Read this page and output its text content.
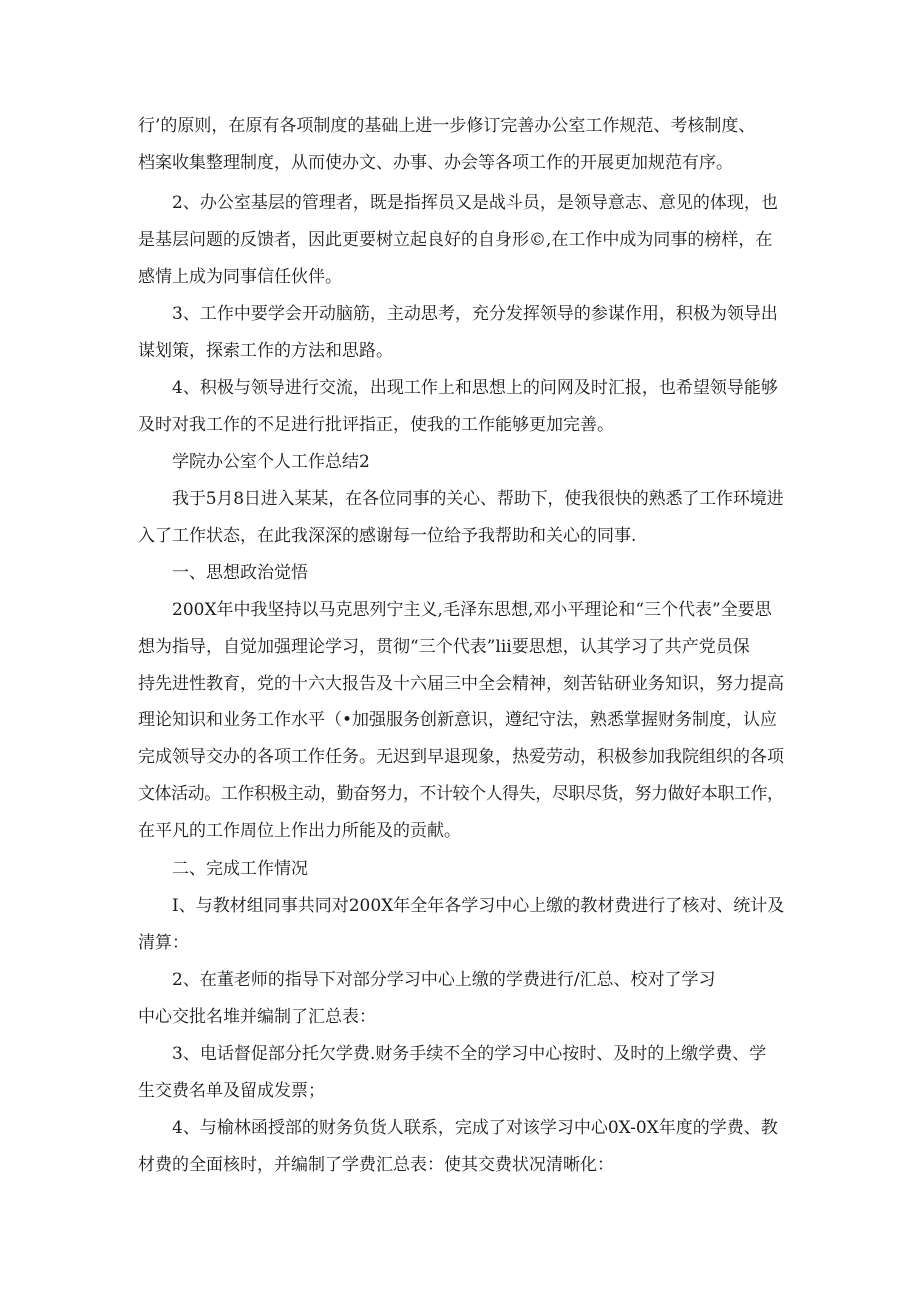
行’的原则，在原有各项制度的基础上进一步修订完善办公室工作规范、考核制度、
档案收集整理制度，从而使办文、办事、办会等各项工作的开展更加规范有序。
2、办公室基层的管理者，既是指挥员又是战斗员，是领导意志、意见的体现，也
是基层问题的反馈者，因此更要树立起良好的自身形©,在工作中成为同事的榜样，在
感情上成为同事信任伙伴。
3、工作中要学会开动脑筋，主动思考，充分发挥领导的参谋作用，积极为领导出
谋划策，探索工作的方法和思路。
4、积极与领导进行交流，出现工作上和思想上的问网及时汇报，也希望领导能够
及时对我工作的不足进行批评指正，使我的工作能够更加完善。
学院办公室个人工作总结2
我于5月8日进入某某，在各位同事的关心、帮助下，使我很快的熟悉了工作环境进
入了工作状态，在此我深深的感谢每一位给予我帮助和关心的同事.
一、思想政治觉悟
200X年中我坚持以马克思列宁主义,毛泽东思想,邓小平理论和“三个代表”全要思
想为指导，自觉加强理论学习，贯彻“三个代表”lii要思想，认其学习了共产党员保
持先进性教育，党的十六大报告及十六届三中全会精神，刻苦钻研业务知识，努力提高
理论知识和业务工作水平（•加强服务创新意识，遵纪守法，熟悉掌握财务制度，认应
完成领导交办的各项工作任务。无迟到早退现象，热爱劳动，积极参加我院组织的各项
文体活动。工作积极主动，勤奋努力，不计较个人得失，尽职尽货，努力做好本职工作，
在平凡的工作周位上作出力所能及的贡献。
二、完成工作情况
I、与教材组同事共同对200X年全年各学习中心上缴的教材费进行了核对、统计及
清算：
2、在董老师的指导下对部分学习中心上缴的学费进行/汇总、校对了学习
中心交批名堆并编制了汇总表：
3、电话督促部分托欠学费.财务手续不全的学习中心按时、及时的上缴学费、学
生交费名单及留成发票；
4、与榆林函授部的财务负货人联系，完成了对该学习中心0X-0X年度的学费、教
材费的全面核时，并编制了学费汇总表：使其交费状况清晰化：
